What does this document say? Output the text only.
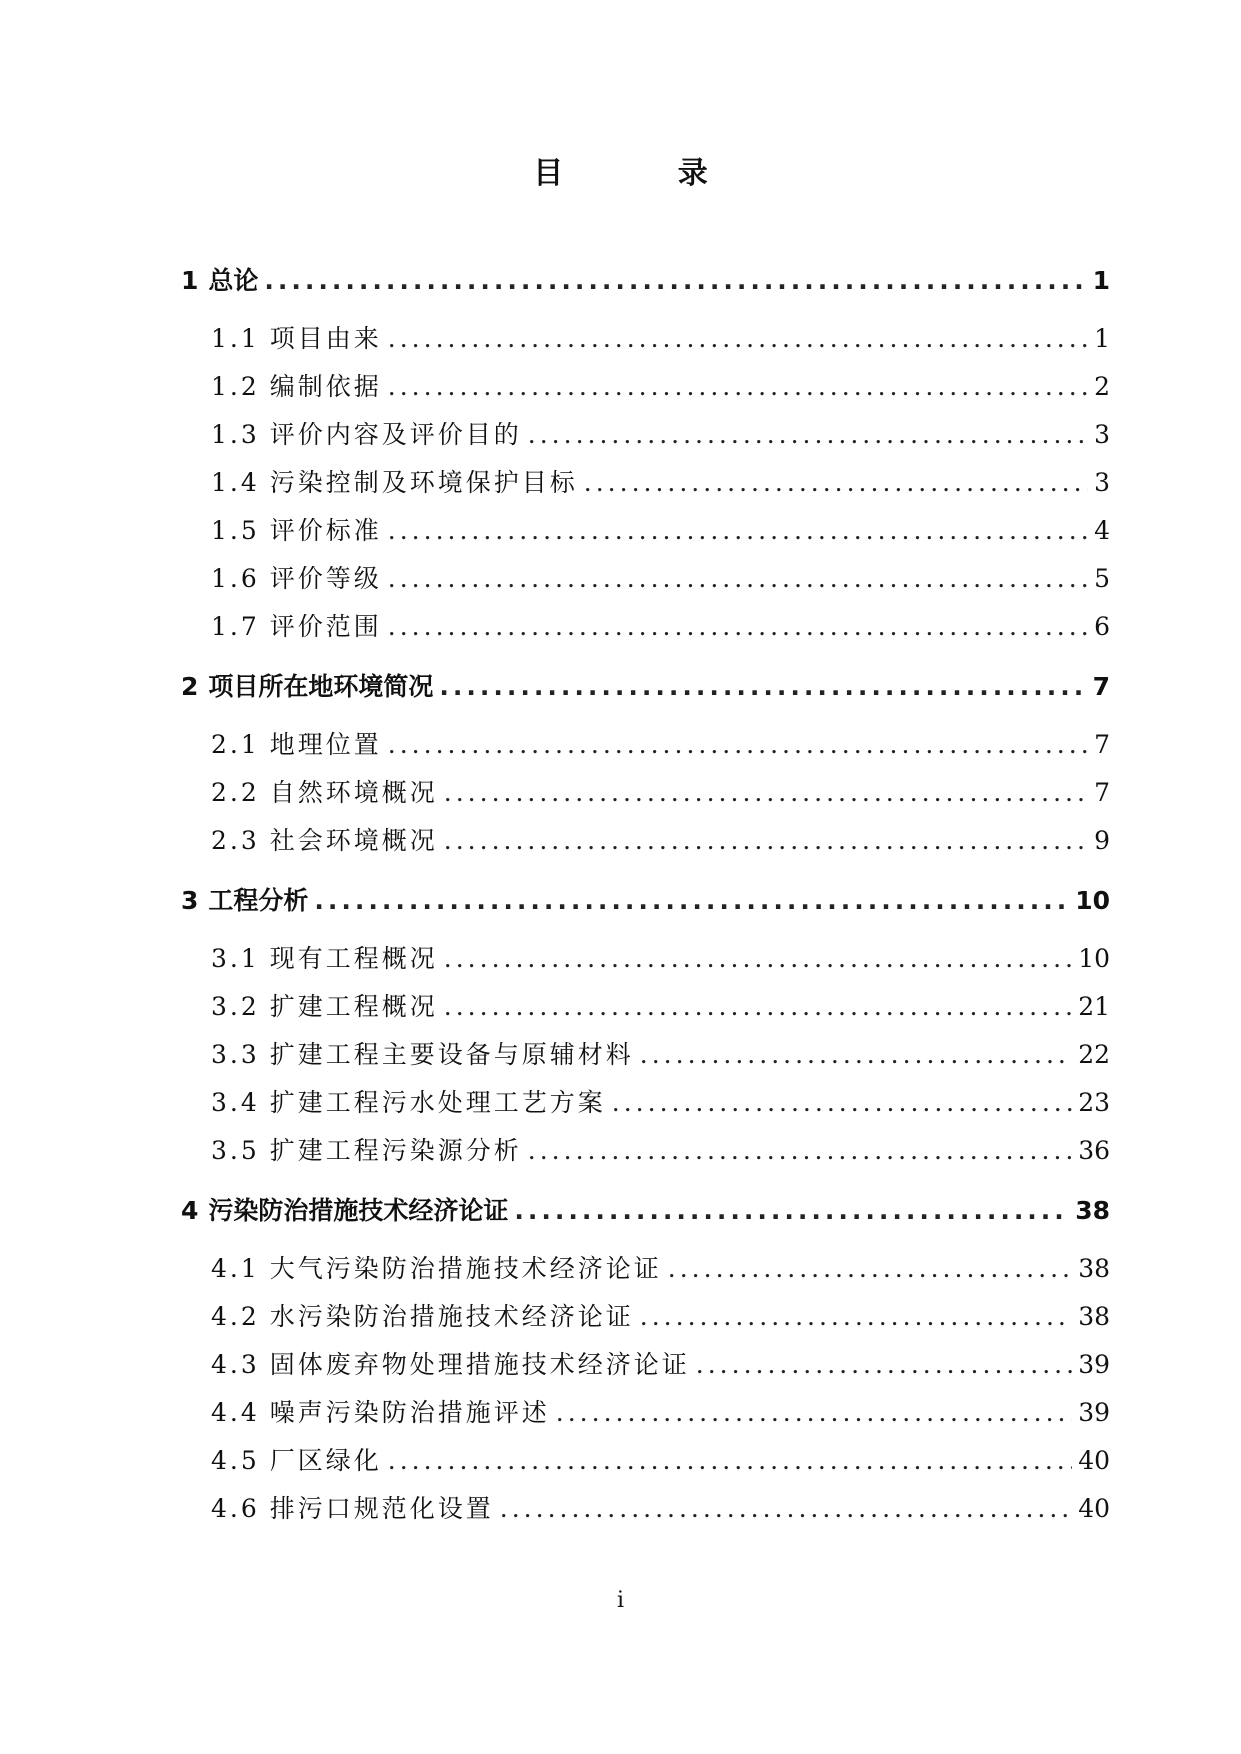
目 录
1 总论 .....	1
1.1 项目由来 .....	1
1.2 编制依据 .....	2
1.3 评价内容及评价目的 .....	3
1.4 污染控制及环境保护目标 .....	3
1.5 评价标准 .....	4
1.6 评价等级 .....	5
1.7 评价范围 .....	6
2 项目所在地环境简况 .....	7
2.1 地理位置 .....	7
2.2 自然环境概况 .....	7
2.3 社会环境概况 .....	9
3 工程分析 .....	10
3.1 现有工程概况 .....	10
3.2 扩建工程概况 .....	21
3.3 扩建工程主要设备与原辅材料 .....	22
3.4 扩建工程污水处理工艺方案 .....	23
3.5 扩建工程污染源分析 .....	36
4 污染防治措施技术经济论证 .....	38
4.1 大气污染防治措施技术经济论证 .....	38
4.2 水污染防治措施技术经济论证 .....	38
4.3 固体废弃物处理措施技术经济论证 .....	39
4.4 噪声污染防治措施评述 .....	39
4.5 厂区绿化 .....	40
4.6 排污口规范化设置 .....	40
i
